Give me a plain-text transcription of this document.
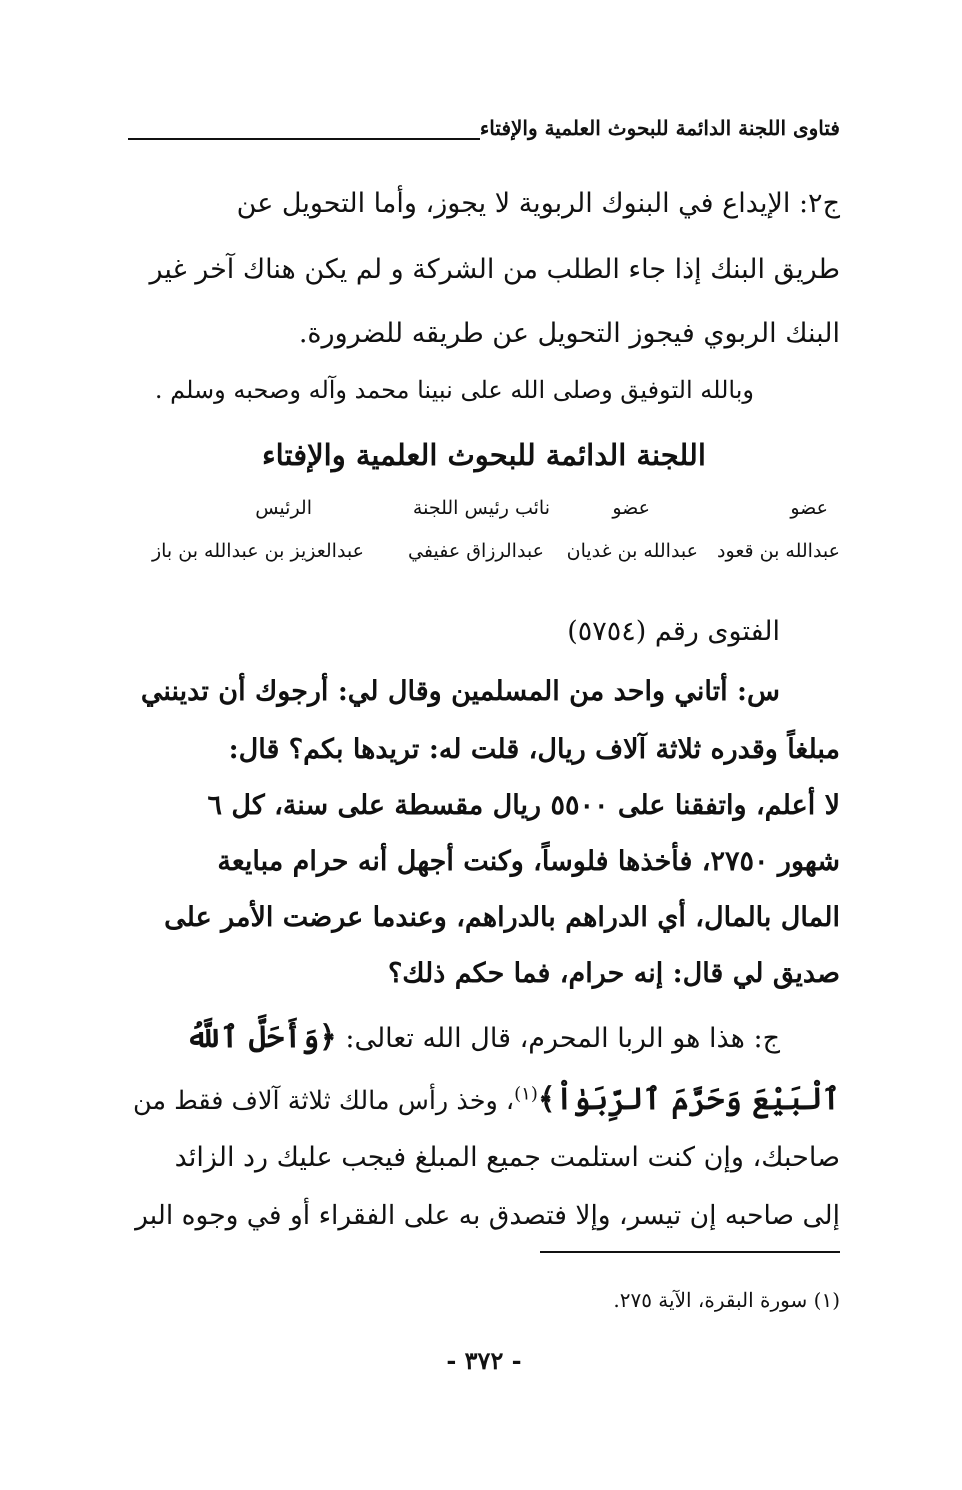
فتاوى اللجنة الدائمة للبحوث العلمية والإفتاء
ج٢: الإيداع في البنوك الربوية لا يجوز، وأما التحويل عن
طريق البنك إذا جاء الطلب من الشركة و لم يكن هناك آخر غير
البنك الربوي فيجوز التحويل عن طريقه للضرورة.
وبالله التوفيق وصلى الله على نبينا محمد وآله وصحبه وسلم .
اللجنة الدائمة للبحوث العلمية والإفتاء
عضو
عضو
نائب رئيس اللجنة
الرئيس
عبدالله بن قعود
عبدالله بن غديان
عبدالرزاق عفيفي
عبدالعزيز بن عبدالله بن باز
الفتوى رقم (٥٧٥٤)
س: أتاني واحد من المسلمين وقال لي: أرجوك أن تدينني
مبلغاً وقدره ثلاثة آلاف ريال، قلت له: تريدها بكم؟ قال:
لا أعلم، واتفقنا على ٥٥٠٠ ريال مقسطة على سنة، كل ٦
شهور ٢٧٥٠، فأخذها فلوساً، وكنت أجهل أنه حرام مبايعة
المال بالمال، أي الدراهم بالدراهم، وعندما عرضت الأمر على
صديق لي قال: إنه حرام، فما حكم ذلك؟
ج: هذا هو الربا المحرم، قال الله تعالى: ﴿وَأَحَلَّ ٱللَّهُ
ٱلْبَيْعَ وَحَرَّمَ ٱلرِّبَوٰاْ﴾$^{(١)}$، وخذ رأس مالك ثلاثة آلاف فقط من
صاحبك، وإن كنت استلمت جميع المبلغ فيجب عليك رد الزائد
إلى صاحبه إن تيسر، وإلا فتصدق به على الفقراء أو في وجوه البر
(١) سورة البقرة، الآية ٢٧٥.
- ٣٧٢ -
